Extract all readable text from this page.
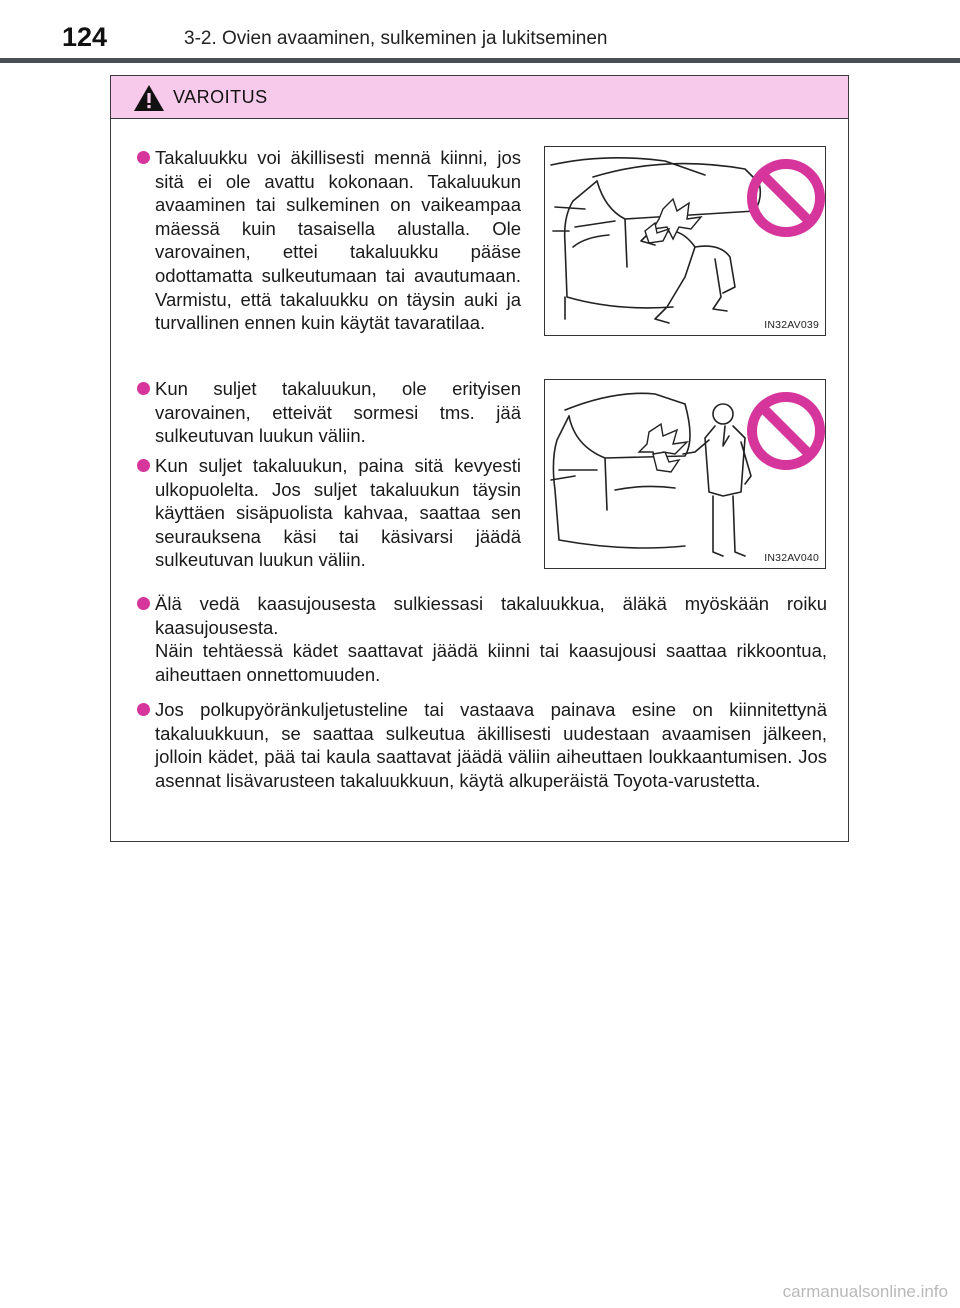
124	3-2. Ovien avaaminen, sulkeminen ja lukitseminen
VAROITUS
Takaluukku voi äkillisesti mennä kiinni, jos sitä ei ole avattu kokonaan. Takaluukun avaaminen tai sulkeminen on vaikeampaa mäessä kuin tasaisella alustalla. Ole varovainen, ettei takaluukku pääse odottamatta sulkeutumaan tai avautumaan. Varmistu, että takaluukku on täysin auki ja turvallinen ennen kuin käytät tavaratilaa.	IN32AV039
Kun suljet takaluukun, ole erityisen varovainen, etteivät sormesi tms. jää sulkeutuvan luukun väliin.
Kun suljet takaluukun, paina sitä kevyesti ulkopuolelta. Jos suljet takaluukun täysin käyttäen sisäpuolista kahvaa, saattaa sen seurauksena käsi tai käsivarsi jäädä sulkeutuvan luukun väliin.	IN32AV040
Älä vedä kaasujousesta sulkiessasi takaluukkua, äläkä myöskään roiku kaasujousesta.
Näin tehtäessä kädet saattavat jäädä kiinni tai kaasujousi saattaa rikkoontua, aiheuttaen onnettomuuden.
Jos polkupyöränkuljetusteline tai vastaava painava esine on kiinnitettynä takaluukkuun, se saattaa sulkeutua äkillisesti uudestaan avaamisen jälkeen, jolloin kädet, pää tai kaula saattavat jäädä väliin aiheuttaen loukkaantumisen. Jos asennat lisävarusteen takaluukkuun, käytä alkuperäistä Toyota-varustetta.
carmanualsonline.info
